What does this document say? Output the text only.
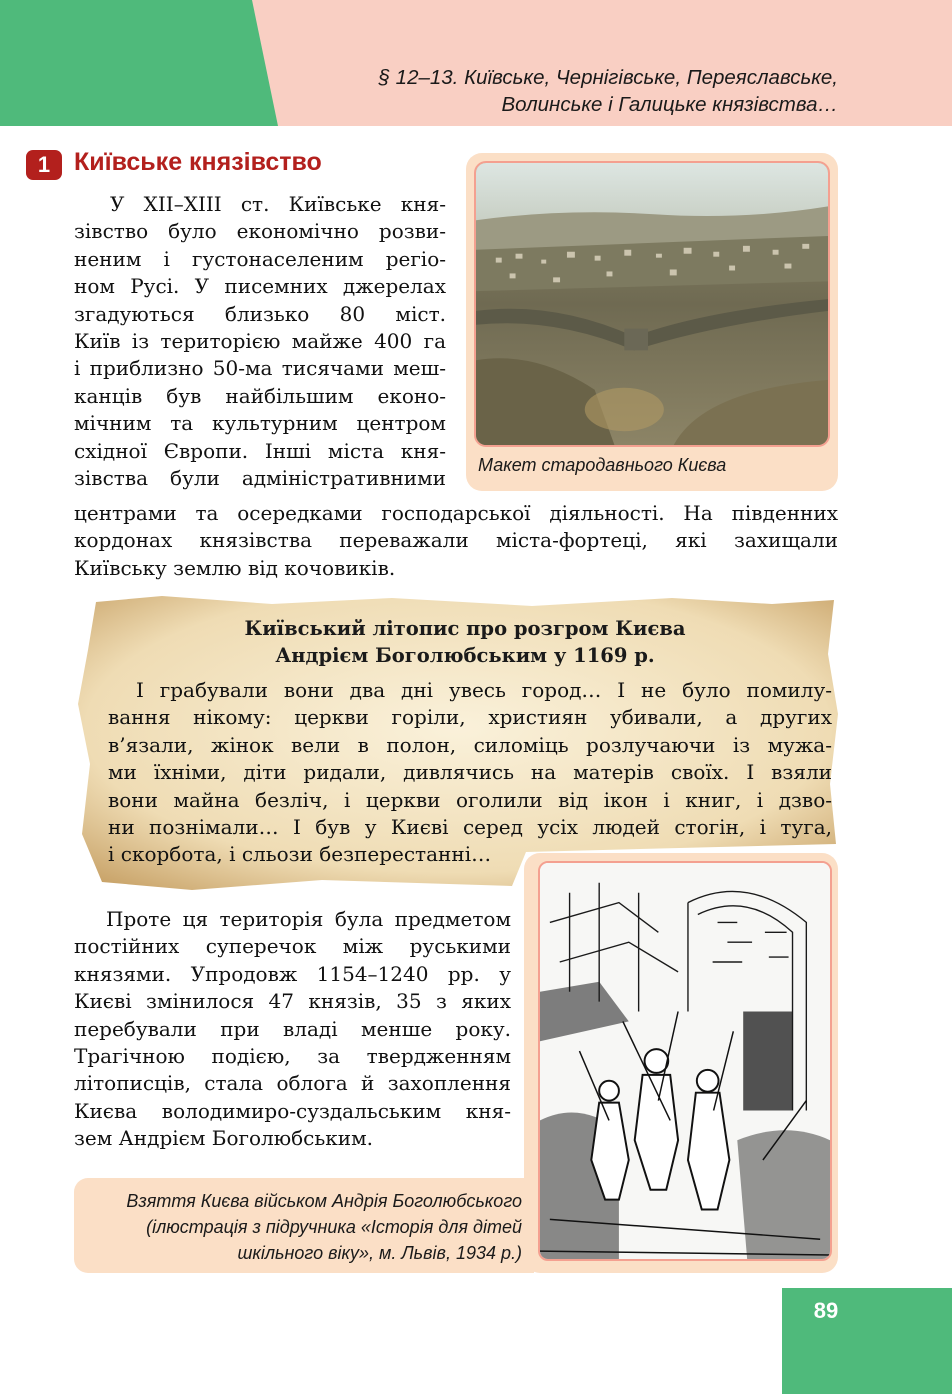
§ 12–13. Київське, Чернігівське, Переяславське,
Волинське і Галицьке князівства…
1 Київське князівство
У XII–XIII ст. Київське кня-
зівство було економічно розви-
неним і густонаселеним регіо-
ном Русі. У писемних джерелах
згадуються близько 80 міст.
Київ із територією майже 400 га
і приблизно 50-ма тисячами меш-
канців був найбільшим еконо-
мічним та культурним центром
східної Європи. Інші міста кня-
зівства були адміністративними
центрами та осередками господарської діяльності. На південних
кордонах князівства переважали міста-фортеці, які захищали
Київську землю від кочовиків.
Макет стародавнього Києва
Київський літопис про розгром Києва
Андрієм Боголюбським у 1169 р.
І грабували вони два дні увесь город… І не було помилу-
вання нікому: церкви горіли, християн убивали, а других
в’язали, жінок вели в полон, силоміць розлучаючи із мужа-
ми їхніми, діти ридали, дивлячись на матерів своїх. І взяли
вони майна безліч, і церкви оголили від ікон і книг, і дзво-
ни познімали… І був у Києві серед усіх людей стогін, і туга,
і скорбота, і сльози безперестанні…
Проте ця територія була предметом
постійних суперечок між руськими
князями. Упродовж 1154–1240 рр. у
Києві змінилося 47 князів, 35 з яких
перебували при владі менше року.
Трагічною подією, за твердженням
літописців, стала облога й захоплення
Києва володимиро-суздальським кня-
зем Андрієм Боголюбським.
Взяття Києва військом Андрія Боголюбського
(ілюстрація з підручника «Історія для дітей
шкільного віку», м. Львів, 1934 р.)
89
